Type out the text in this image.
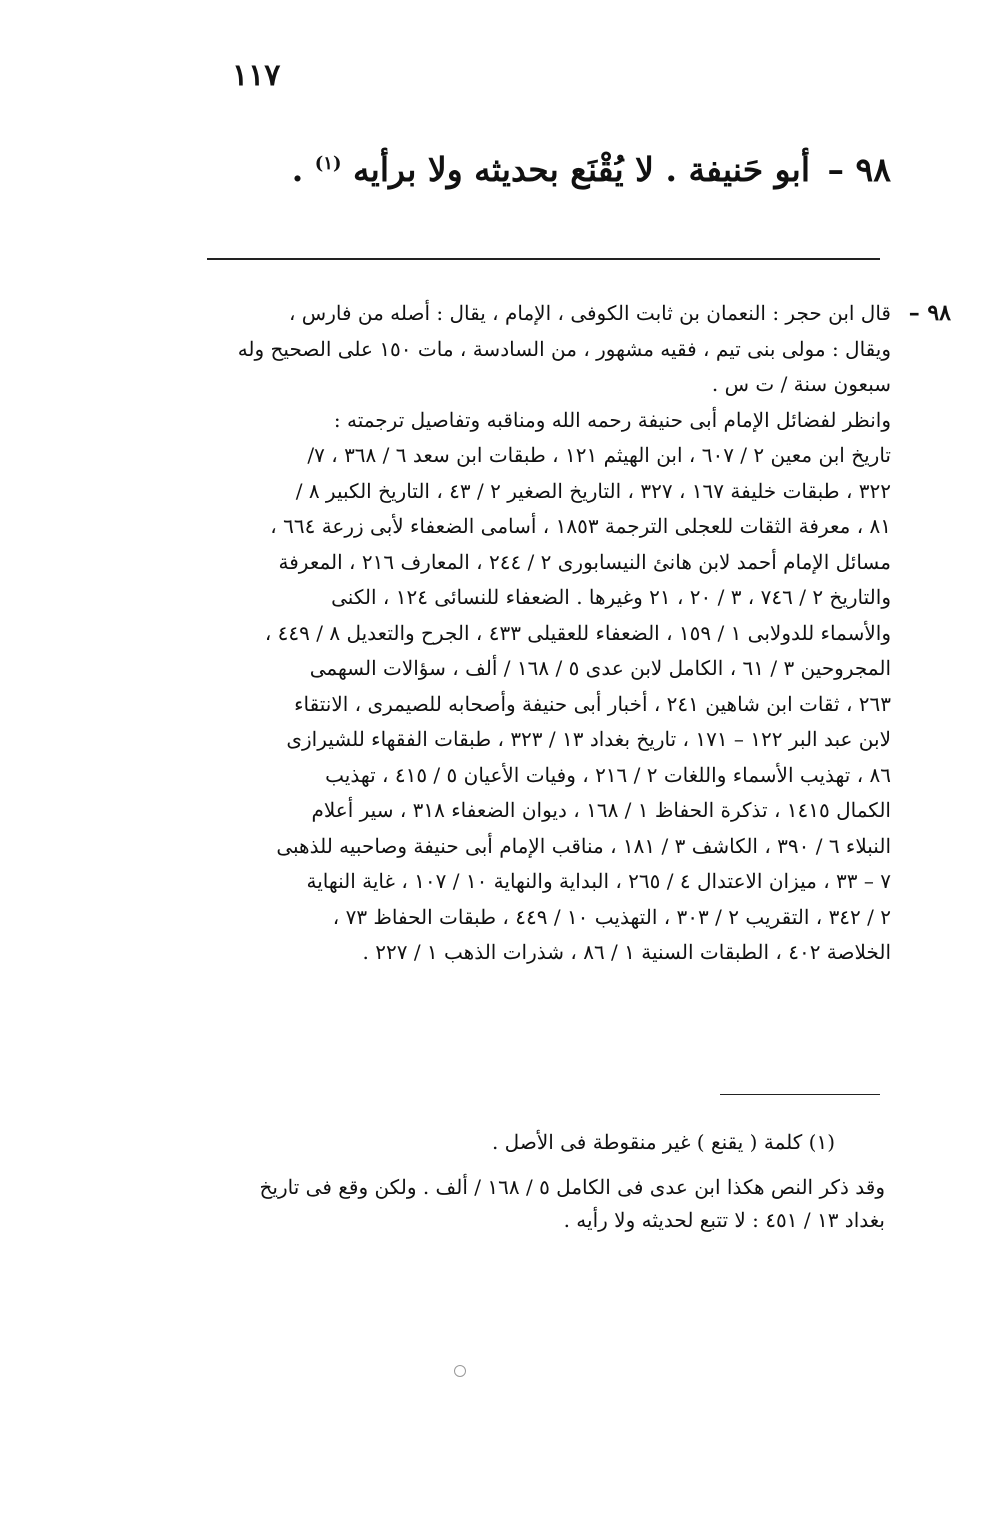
١١٧
٩٨ – أبو حَنيفة . لا يُقْنَع بحديثه ولا برأيه $^{(١)}$ .
٩٨ –
قال ابن حجر : النعمان بن ثابت الكوفى ، الإمام ، يقال : أصله من فارس ،
ويقال : مولى بنى تيم ، فقيه مشهور ، من السادسة ، مات ١٥٠ على الصحيح وله
سبعون سنة / ت س .
وانظر لفضائل الإمام أبى حنيفة رحمه الله ومناقبه وتفاصيل ترجمته :
تاريخ ابن معين ٢ / ٦٠٧ ، ابن الهيثم ١٢١ ، طبقات ابن سعد ٦ / ٣٦٨ ، ٧/
٣٢٢ ، طبقات خليفة ١٦٧ ، ٣٢٧ ، التاريخ الصغير ٢ / ٤٣ ، التاريخ الكبير ٨ /
٨١ ، معرفة الثقات للعجلى الترجمة ١٨٥٣ ، أسامى الضعفاء لأبى زرعة ٦٦٤ ،
مسائل الإمام أحمد لابن هانئ النيسابورى ٢ / ٢٤٤ ، المعارف ٢١٦ ، المعرفة
والتاريخ ٢ / ٧٤٦ ، ٣ / ٢٠ ، ٢١ وغيرها . الضعفاء للنسائى ١٢٤ ، الكنى
والأسماء للدولابى ١ / ١٥٩ ، الضعفاء للعقيلى ٤٣٣ ، الجرح والتعديل ٨ / ٤٤٩ ،
المجروحين ٣ / ٦١ ، الكامل لابن عدى ٥ / ١٦٨ / ألف ، سؤالات السهمى
٢٦٣ ، ثقات ابن شاهين ٢٤١ ، أخبار أبى حنيفة وأصحابه للصيمرى ، الانتقاء
لابن عبد البر ١٢٢ – ١٧١ ، تاريخ بغداد ١٣ / ٣٢٣ ، طبقات الفقهاء للشيرازى
٨٦ ، تهذيب الأسماء واللغات ٢ / ٢١٦ ، وفيات الأعيان ٥ / ٤١٥ ، تهذيب
الكمال ١٤١٥ ، تذكرة الحفاظ ١ / ١٦٨ ، ديوان الضعفاء ٣١٨ ، سير أعلام
النبلاء ٦ / ٣٩٠ ، الكاشف ٣ / ١٨١ ، مناقب الإمام أبى حنيفة وصاحبيه للذهبى
٧ – ٣٣ ، ميزان الاعتدال ٤ / ٢٦٥ ، البداية والنهاية ١٠ / ١٠٧ ، غاية النهاية
٢ / ٣٤٢ ، التقريب ٢ / ٣٠٣ ، التهذيب ١٠ / ٤٤٩ ، طبقات الحفاظ ٧٣ ،
الخلاصة ٤٠٢ ، الطبقات السنية ١ / ٨٦ ، شذرات الذهب ١ / ٢٢٧ .

(١) كلمة ( يقنع ) غير منقوطة فى الأصل .

وقد ذكر النص هكذا ابن عدى فى الكامل ٥ / ١٦٨ / ألف . ولكن وقع فى تاريخ

بغداد ١٣ / ٤٥١ : لا تتبع لحديثه ولا رأيه .
